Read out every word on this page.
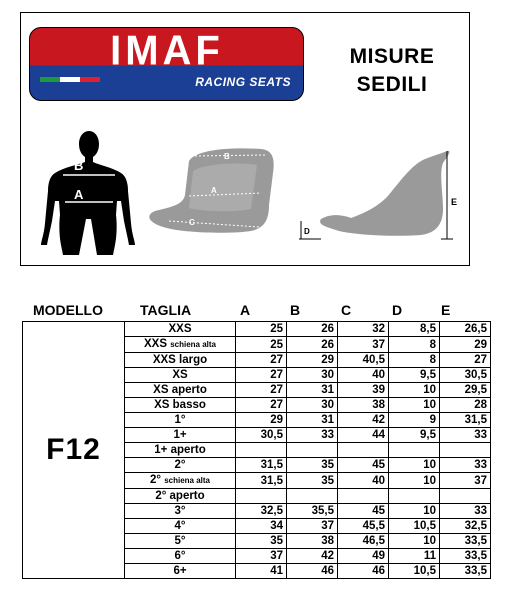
IMAF
RACING SEATS
MISURE
SEDILI
B
A
B
A
C
E
D
MODELLO	TAGLIA	A	B	C	D	E
F12	XXS	25	26	32	8,5	26,5
	XXS schiena alta	25	26	37	8	29
	XXS largo	27	29	40,5	8	27
	XS	27	30	40	9,5	30,5
	XS aperto	27	31	39	10	29,5
	XS basso	27	30	38	10	28
	1°	29	31	42	9	31,5
	1+	30,5	33	44	9,5	33
	1+ aperto					
	2°	31,5	35	45	10	33
	2° schiena alta	31,5	35	40	10	37
	2° aperto					
	3°	32,5	35,5	45	10	33
	4°	34	37	45,5	10,5	32,5
	5°	35	38	46,5	10	33,5
	6°	37	42	49	11	33,5
	6+	41	46	46	10,5	33,5
